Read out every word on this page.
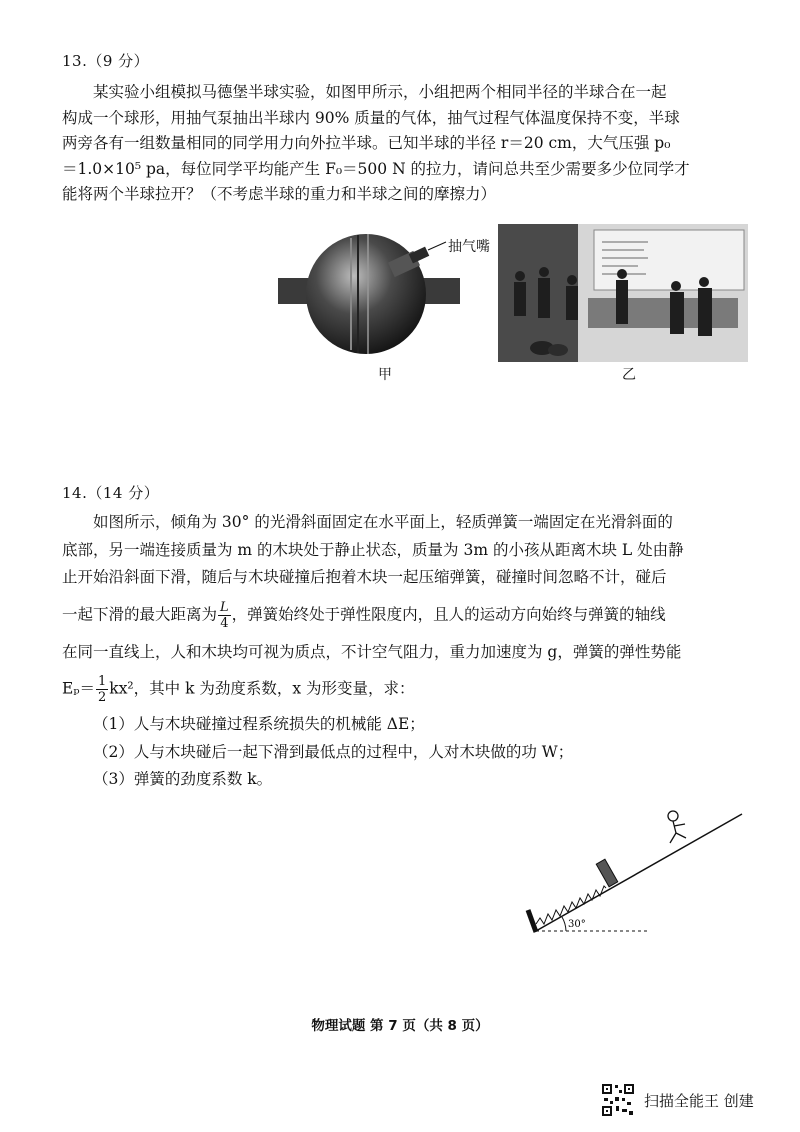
13.（9 分）
某实验小组模拟马德堡半球实验，如图甲所示，小组把两个相同半径的半球合在一起
构成一个球形，用抽气泵抽出半球内 90% 质量的气体，抽气过程气体温度保持不变，半球
两旁各有一组数量相同的同学用力向外拉半球。已知半球的半径 r＝20 cm，大气压强 p₀
＝1.0×10⁵ pa，每位同学平均能产生 F₀＝500 N 的拉力，请问总共至少需要多少位同学才
能将两个半球拉开？（不考虑半球的重力和半球之间的摩擦力）
抽气嘴
甲	乙
14.（14 分）
如图所示，倾角为 30° 的光滑斜面固定在水平面上，轻质弹簧一端固定在光滑斜面的
底部，另一端连接质量为 m 的木块处于静止状态，质量为 3m 的小孩从距离木块 L 处由静
止开始沿斜面下滑，随后与木块碰撞后抱着木块一起压缩弹簧，碰撞时间忽略不计，碰后
一起下滑的最大距离为 $\frac{L}{4}$ ，弹簧始终处于弹性限度内，且人的运动方向始终与弹簧的轴线
在同一直线上，人和木块均可视为质点，不计空气阻力，重力加速度为 g，弹簧的弹性势能
$E_p= \frac{1}{2} kx^2$，其中 k 为劲度系数，x 为形变量，求：
（1）人与木块碰撞过程系统损失的机械能 ΔE；
（2）人与木块碰后一起下滑到最低点的过程中，人对木块做的功 W；
（3）弹簧的劲度系数 k。
30°
物理试题 第 7 页（共 8 页）
扫描全能王 创建
